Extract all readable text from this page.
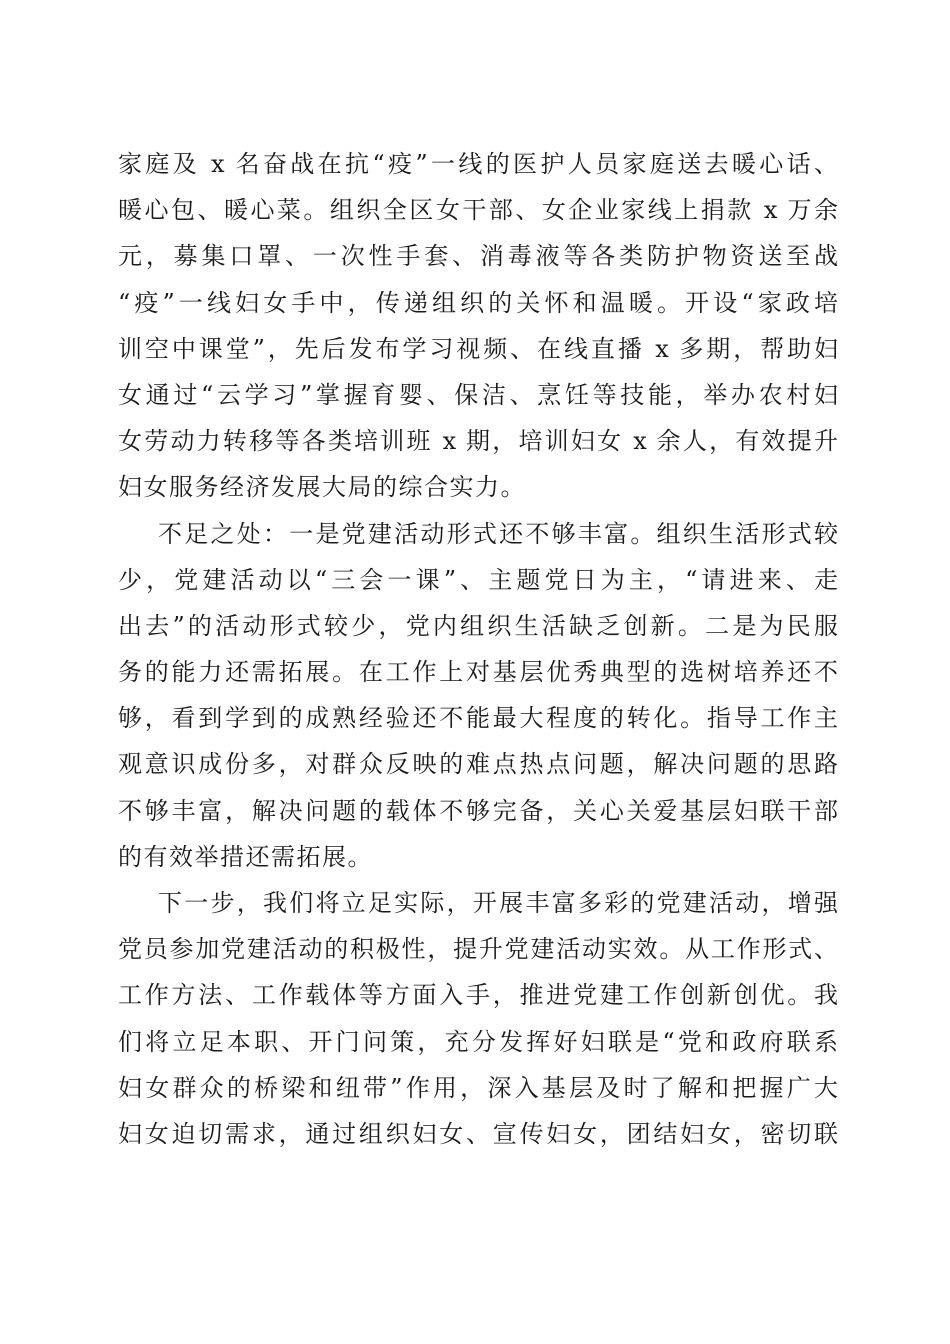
家庭及 x 名奋战在抗“疫”一线的医护人员家庭送去暖心话、
暖心包、暖心菜。组织全区女干部、女企业家线上捐款 x 万余
元，募集口罩、一次性手套、消毒液等各类防护物资送至战
“疫”一线妇女手中，传递组织的关怀和温暖。开设“家政培
训空中课堂”，先后发布学习视频、在线直播 x 多期，帮助妇
女通过“云学习”掌握育婴、保洁、烹饪等技能，举办农村妇
女劳动力转移等各类培训班 x 期，培训妇女 x 余人，有效提升
妇女服务经济发展大局的综合实力。
不足之处：一是党建活动形式还不够丰富。组织生活形式较
少，党建活动以“三会一课”、主题党日为主，“请进来、走
出去”的活动形式较少，党内组织生活缺乏创新。二是为民服
务的能力还需拓展。在工作上对基层优秀典型的选树培养还不
够，看到学到的成熟经验还不能最大程度的转化。指导工作主
观意识成份多，对群众反映的难点热点问题，解决问题的思路
不够丰富，解决问题的载体不够完备，关心关爱基层妇联干部
的有效举措还需拓展。
下一步，我们将立足实际，开展丰富多彩的党建活动，增强
党员参加党建活动的积极性，提升党建活动实效。从工作形式、
工作方法、工作载体等方面入手，推进党建工作创新创优。我
们将立足本职、开门问策，充分发挥好妇联是“党和政府联系
妇女群众的桥梁和纽带”作用，深入基层及时了解和把握广大
妇女迫切需求，通过组织妇女、宣传妇女，团结妇女，密切联
